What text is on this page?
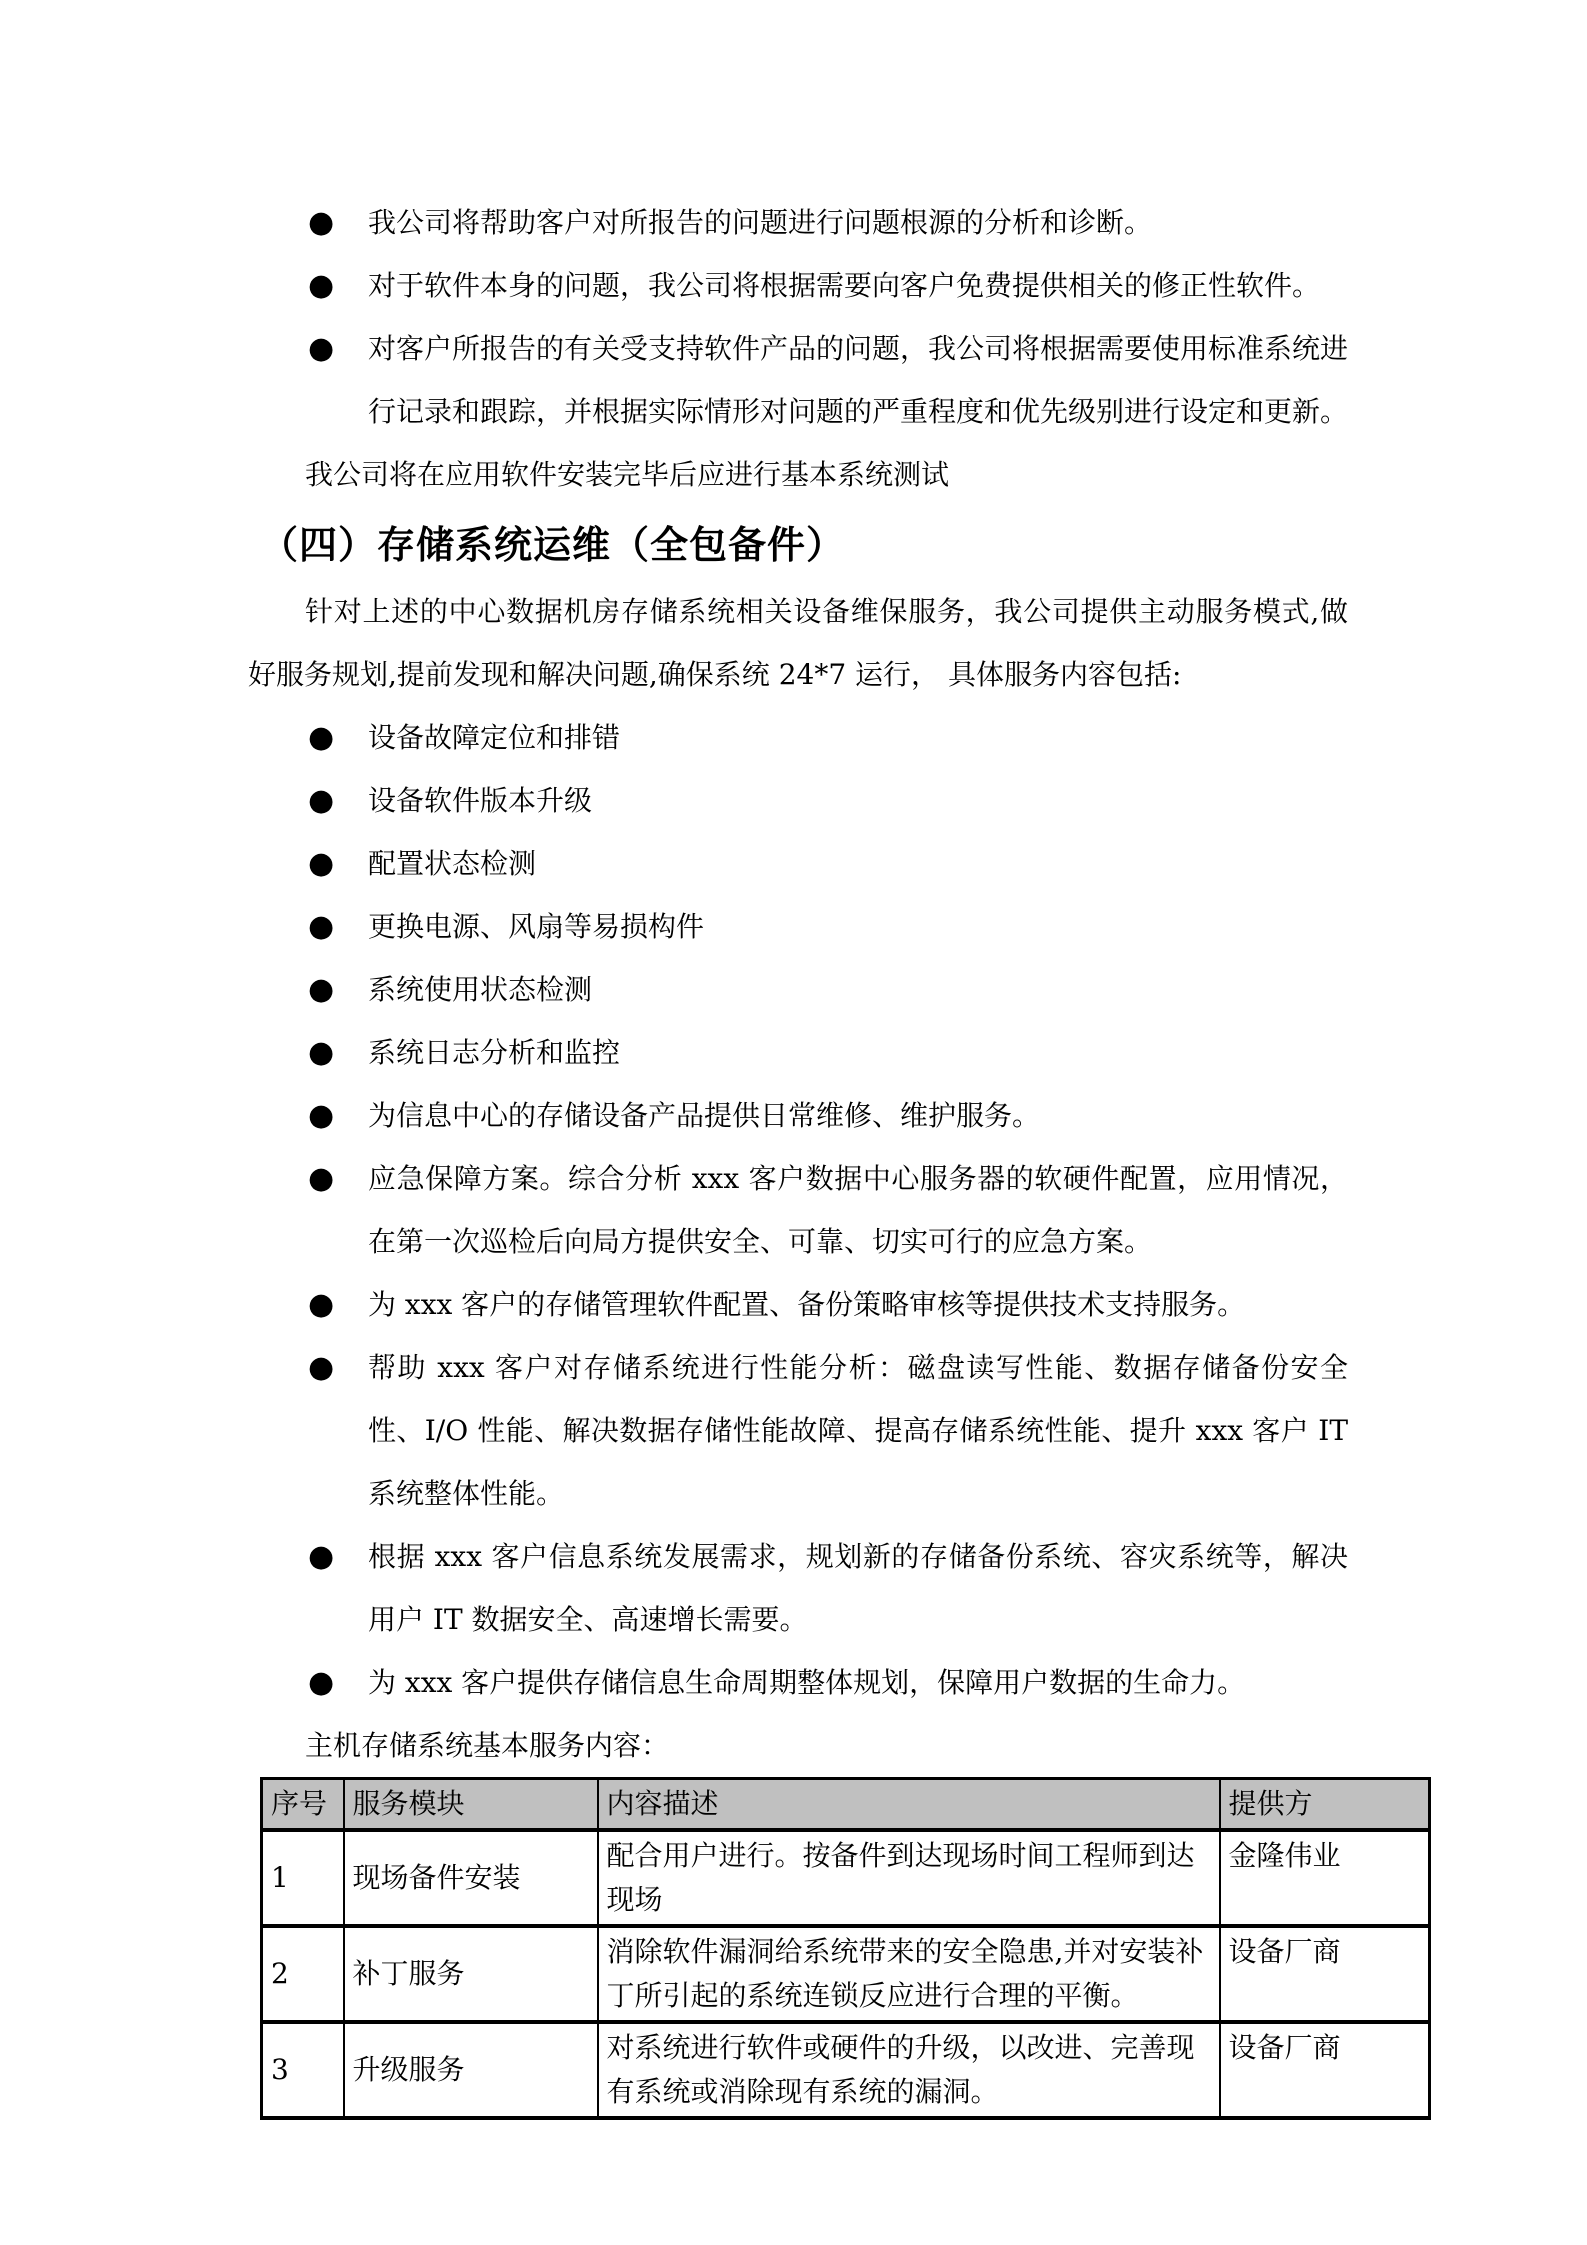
● 我公司将帮助客户对所报告的问题进行问题根源的分析和诊断。
● 对于软件本身的问题，我公司将根据需要向客户免费提供相关的修正性软件。
● 对客户所报告的有关受支持软件产品的问题，我公司将根据需要使用标准系统进行记录和跟踪，并根据实际情形对问题的严重程度和优先级别进行设定和更新。

我公司将在应用软件安装完毕后应进行基本系统测试

（四）存储系统运维（全包备件）

针对上述的中心数据机房存储系统相关设备维保服务，我公司提供主动服务模式,做好服务规划,提前发现和解决问题,确保系统 24*7 运行， 具体服务内容包括:

● 设备故障定位和排错
● 设备软件版本升级
● 配置状态检测
● 更换电源、风扇等易损构件
● 系统使用状态检测
● 系统日志分析和监控
● 为信息中心的存储设备产品提供日常维修、维护服务。
● 应急保障方案。综合分析 xxx 客户数据中心服务器的软硬件配置，应用情况，在第一次巡检后向局方提供安全、可靠、切实可行的应急方案。
● 为 xxx 客户的存储管理软件配置、备份策略审核等提供技术支持服务。
● 帮助 xxx 客户对存储系统进行性能分析：磁盘读写性能、数据存储备份安全性、I/O 性能、解决数据存储性能故障、提高存储系统性能、提升 xxx 客户 IT 系统整体性能。
● 根据 xxx 客户信息系统发展需求，规划新的存储备份系统、容灾系统等，解决用户 IT 数据安全、高速增长需要。
● 为 xxx 客户提供存储信息生命周期整体规划，保障用户数据的生命力。

主机存储系统基本服务内容：

序号	服务模块	内容描述	提供方
1	现场备件安装	配合用户进行。按备件到达现场时间工程师到达现场	金隆伟业
2	补丁服务	消除软件漏洞给系统带来的安全隐患,并对安装补丁所引起的系统连锁反应进行合理的平衡。	设备厂商
3	升级服务	对系统进行软件或硬件的升级，以改进、完善现有系统或消除现有系统的漏洞。	设备厂商
